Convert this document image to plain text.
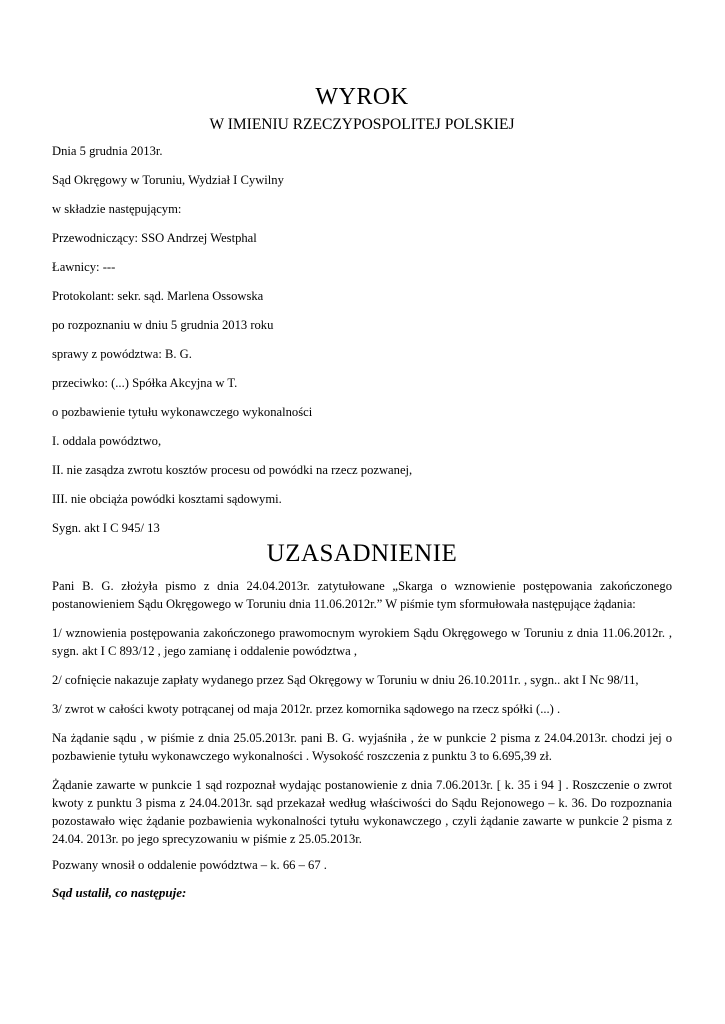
WYROK
W IMIENIU RZECZYPOSPOLITEJ POLSKIEJ
Dnia 5 grudnia 2013r.
Sąd Okręgowy w Toruniu, Wydział I Cywilny
w składzie następującym:
Przewodniczący: SSO Andrzej Westphal
Ławnicy: ---
Protokolant: sekr. sąd. Marlena Ossowska
po rozpoznaniu w dniu 5 grudnia 2013 roku
sprawy z powództwa: B. G.
przeciwko: (...) Spółka Akcyjna w T.
o pozbawienie tytułu wykonawczego wykonalności
I. oddala powództwo,
II. nie zasądza zwrotu kosztów procesu od powódki na rzecz pozwanej,
III. nie obciąża powódki kosztami sądowymi.
Sygn. akt I C 945/ 13
UZASADNIENIE
Pani B. G. złożyła pismo z dnia 24.04.2013r. zatytułowane „Skarga o wznowienie postępowania zakończonego postanowieniem Sądu Okręgowego w Toruniu dnia 11.06.2012r.” W piśmie tym sformułowała następujące żądania:
1/ wznowienia postępowania zakończonego prawomocnym wyrokiem Sądu Okręgowego w Toruniu z dnia 11.06.2012r. , sygn. akt I C 893/12 , jego zamianę i oddalenie powództwa ,
2/ cofnięcie nakazuje zapłaty wydanego przez Sąd Okręgowy w Toruniu w dniu 26.10.2011r. , sygn.. akt I Nc 98/11,
3/ zwrot w całości kwoty potrącanej od maja 2012r. przez komornika sądowego na rzecz spółki (...) .
Na żądanie sądu , w piśmie z dnia 25.05.2013r. pani B. G. wyjaśniła , że w punkcie 2 pisma z 24.04.2013r. chodzi jej o pozbawienie tytułu wykonawczego wykonalności . Wysokość roszczenia z punktu 3 to 6.695,39 zł.
Żądanie zawarte w punkcie 1 sąd rozpoznał wydając postanowienie z dnia 7.06.2013r. [ k. 35 i 94 ] . Roszczenie o zwrot kwoty z punktu 3 pisma z 24.04.2013r. sąd przekazał według właściwości do Sądu Rejonowego – k. 36. Do rozpoznania pozostawało więc żądanie pozbawienia wykonalności tytułu wykonawczego , czyli żądanie zawarte w punkcie 2 pisma z 24.04. 2013r. po jego sprecyzowaniu w piśmie z 25.05.2013r.
Pozwany wnosił o oddalenie powództwa – k. 66 – 67 .
Sąd ustalił, co następuje:
